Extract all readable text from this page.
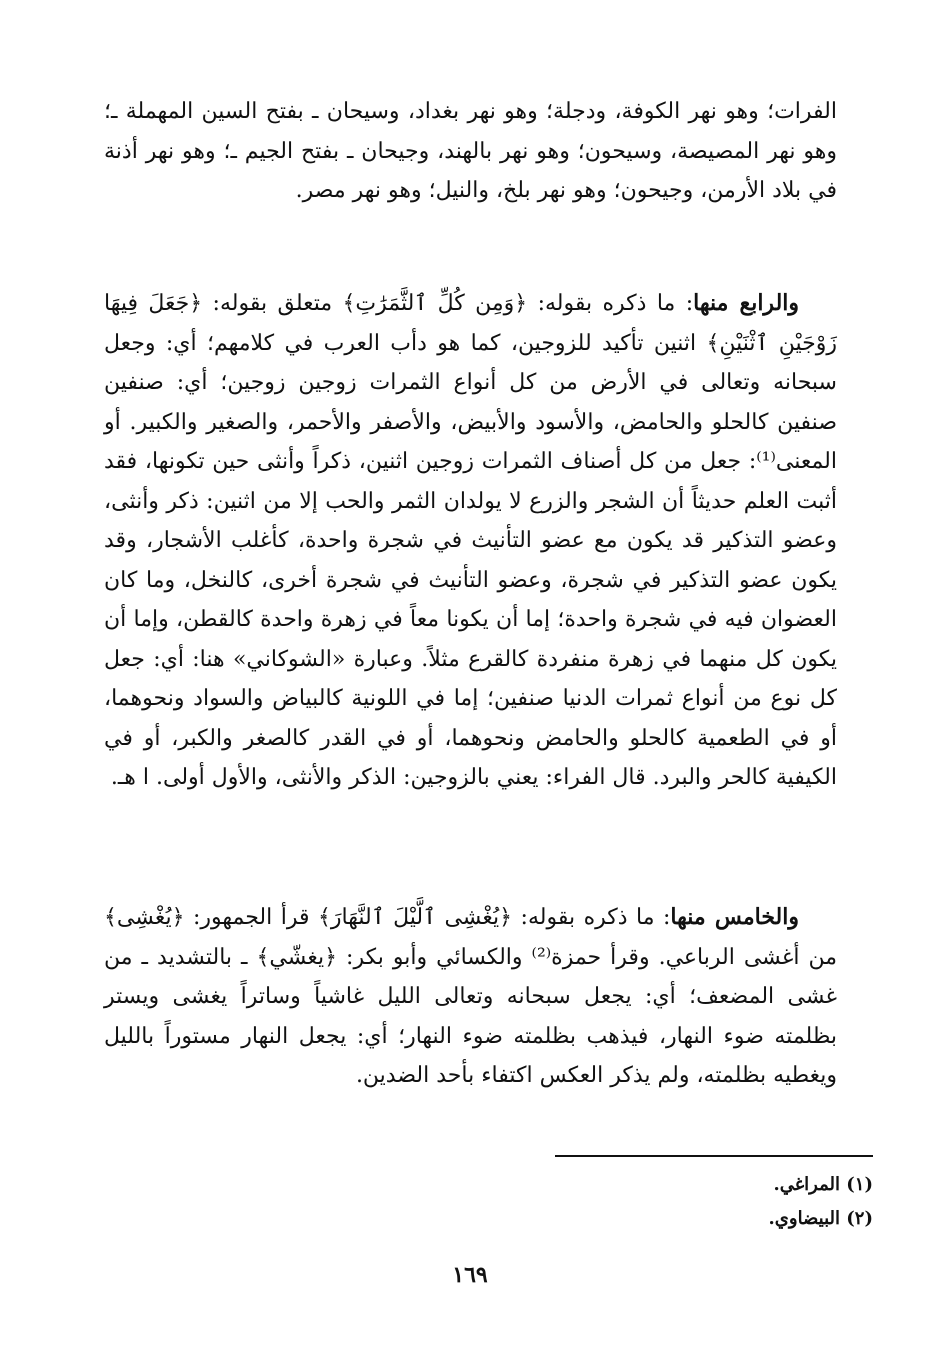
الفرات؛ وهو نهر الكوفة، ودجلة؛ وهو نهر بغداد، وسيحان ـ بفتح السين المهملة ـ؛ وهو نهر المصيصة، وسيحون؛ وهو نهر بالهند، وجيحان ـ بفتح الجيم ـ؛ وهو نهر أذنة في بلاد الأرمن، وجيحون؛ وهو نهر بلخ، والنيل؛ وهو نهر مصر.

والرابع منها: ما ذكره بقوله: ﴿وَمِن كُلِّ ٱلثَّمَرَٰتِ﴾ متعلق بقوله: ﴿جَعَلَ فِيهَا زَوْجَيْنِ ٱثْنَيْنِ﴾ اثنين تأكيد للزوجين، كما هو دأب العرب في كلامهم؛ أي: وجعل سبحانه وتعالى في الأرض من كل أنواع الثمرات زوجين زوجين؛ أي: صنفين صنفين كالحلو والحامض، والأسود والأبيض، والأصفر والأحمر، والصغير والكبير. أو المعنى⁽¹⁾: جعل من كل أصناف الثمرات زوجين اثنين، ذكراً وأنثى حين تكونها، فقد أثبت العلم حديثاً أن الشجر والزرع لا يولدان الثمر والحب إلا من اثنين: ذكر وأنثى، وعضو التذكير قد يكون مع عضو التأنيث في شجرة واحدة، كأغلب الأشجار، وقد يكون عضو التذكير في شجرة، وعضو التأنيث في شجرة أخرى، كالنخل، وما كان العضوان فيه في شجرة واحدة؛ إما أن يكونا معاً في زهرة واحدة كالقطن، وإما أن يكون كل منهما في زهرة منفردة كالقرع مثلاً. وعبارة «الشوكاني» هنا: أي: جعل كل نوع من أنواع ثمرات الدنيا صنفين؛ إما في اللونية كالبياض والسواد ونحوهما، أو في الطعمية كالحلو والحامض ونحوهما، أو في القدر كالصغر والكبر، أو في الكيفية كالحر والبرد. قال الفراء: يعني بالزوجين: الذكر والأنثى، والأول أولى. ا هـ.

والخامس منها: ما ذكره بقوله: ﴿يُغْشِى ٱلَّيْلَ ٱلنَّهَارَ﴾ قرأ الجمهور: ﴿يُغْشِى﴾ من أغشى الرباعي. وقرأ حمزة⁽²⁾ والكسائي وأبو بكر: ﴿يغشّي﴾ ـ بالتشديد ـ من غشى المضعف؛ أي: يجعل سبحانه وتعالى الليل غاشياً وساتراً يغشى ويستر بظلمته ضوء النهار، فيذهب بظلمته ضوء النهار؛ أي: يجعل النهار مستوراً بالليل ويغطيه بظلمته، ولم يذكر العكس اكتفاء بأحد الضدين.

(١) المراغي.

(٢) البيضاوي.

١٦٩
